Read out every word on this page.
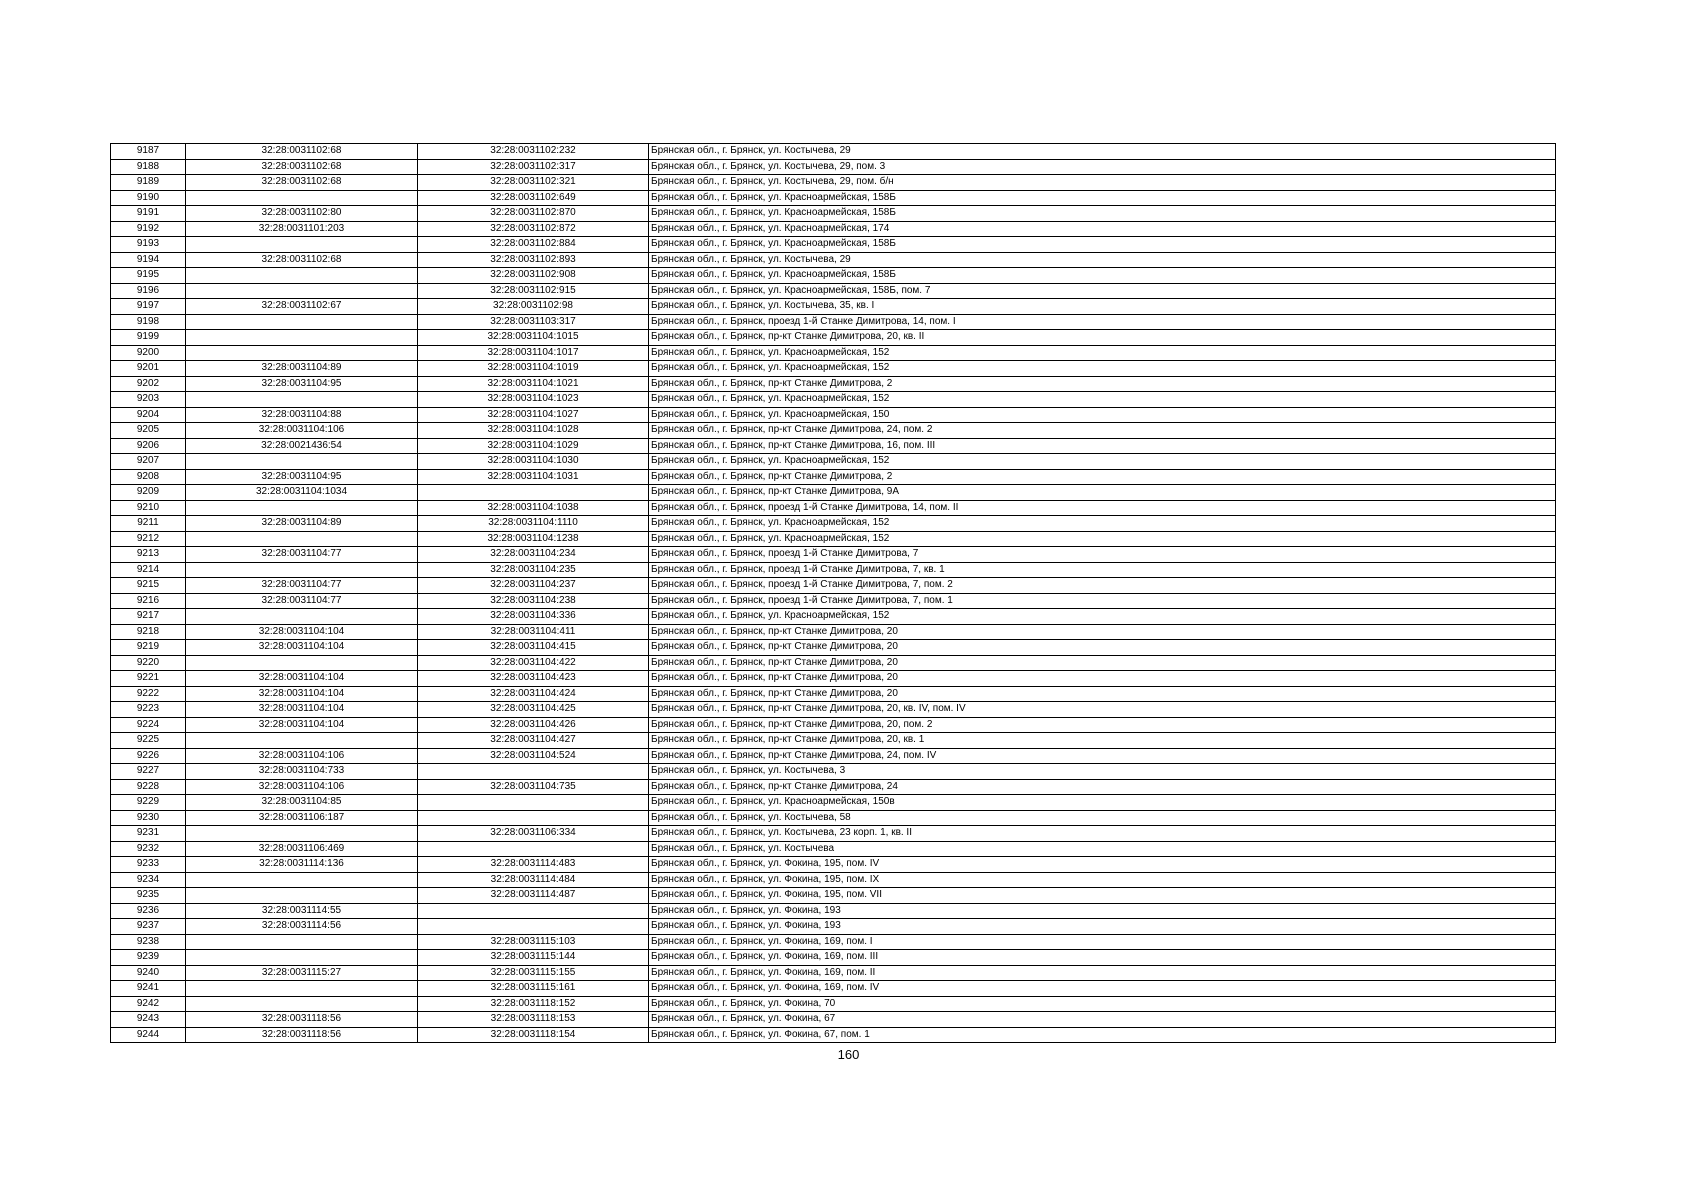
9187	32:28:0031102:68	32:28:0031102:232	Брянская обл., г. Брянск, ул. Костычева, 29
9188	32:28:0031102:68	32:28:0031102:317	Брянская обл., г. Брянск, ул. Костычева, 29, пом. 3
9189	32:28:0031102:68	32:28:0031102:321	Брянская обл., г. Брянск, ул. Костычева, 29, пом. б/н
9190		32:28:0031102:649	Брянская обл., г. Брянск, ул. Красноармейская, 158Б
9191	32:28:0031102:80	32:28:0031102:870	Брянская обл., г. Брянск, ул. Красноармейская, 158Б
9192	32:28:0031101:203	32:28:0031102:872	Брянская обл., г. Брянск, ул. Красноармейская, 174
9193		32:28:0031102:884	Брянская обл., г. Брянск, ул. Красноармейская, 158Б
9194	32:28:0031102:68	32:28:0031102:893	Брянская обл., г. Брянск, ул. Костычева, 29
9195		32:28:0031102:908	Брянская обл., г. Брянск, ул. Красноармейская, 158Б
9196		32:28:0031102:915	Брянская обл., г. Брянск, ул. Красноармейская, 158Б, пом. 7
9197	32:28:0031102:67	32:28:0031102:98	Брянская обл., г. Брянск, ул. Костычева, 35, кв. I
9198		32:28:0031103:317	Брянская обл., г. Брянск, проезд 1-й Станке Димитрова, 14, пом. I
9199		32:28:0031104:1015	Брянская обл., г. Брянск, пр-кт Станке Димитрова, 20, кв. II
9200		32:28:0031104:1017	Брянская обл., г. Брянск, ул. Красноармейская, 152
9201	32:28:0031104:89	32:28:0031104:1019	Брянская обл., г. Брянск, ул. Красноармейская, 152
9202	32:28:0031104:95	32:28:0031104:1021	Брянская обл., г. Брянск, пр-кт Станке Димитрова, 2
9203		32:28:0031104:1023	Брянская обл., г. Брянск, ул. Красноармейская, 152
9204	32:28:0031104:88	32:28:0031104:1027	Брянская обл., г. Брянск, ул. Красноармейская, 150
9205	32:28:0031104:106	32:28:0031104:1028	Брянская обл., г. Брянск, пр-кт Станке Димитрова, 24, пом. 2
9206	32:28:0021436:54	32:28:0031104:1029	Брянская обл., г. Брянск, пр-кт Станке Димитрова, 16, пом. III
9207		32:28:0031104:1030	Брянская обл., г. Брянск, ул. Красноармейская, 152
9208	32:28:0031104:95	32:28:0031104:1031	Брянская обл., г. Брянск, пр-кт Станке Димитрова, 2
9209	32:28:0031104:1034		Брянская обл., г. Брянск, пр-кт Станке Димитрова, 9А
9210		32:28:0031104:1038	Брянская обл., г. Брянск, проезд 1-й Станке Димитрова, 14, пом. II
9211	32:28:0031104:89	32:28:0031104:1110	Брянская обл., г. Брянск, ул. Красноармейская, 152
9212		32:28:0031104:1238	Брянская обл., г. Брянск, ул. Красноармейская, 152
9213	32:28:0031104:77	32:28:0031104:234	Брянская обл., г. Брянск, проезд 1-й Станке Димитрова, 7
9214		32:28:0031104:235	Брянская обл., г. Брянск, проезд 1-й Станке Димитрова, 7, кв. 1
9215	32:28:0031104:77	32:28:0031104:237	Брянская обл., г. Брянск, проезд 1-й Станке Димитрова, 7, пом. 2
9216	32:28:0031104:77	32:28:0031104:238	Брянская обл., г. Брянск, проезд 1-й Станке Димитрова, 7, пом. 1
9217		32:28:0031104:336	Брянская обл., г. Брянск, ул. Красноармейская, 152
9218	32:28:0031104:104	32:28:0031104:411	Брянская обл., г. Брянск, пр-кт Станке Димитрова, 20
9219	32:28:0031104:104	32:28:0031104:415	Брянская обл., г. Брянск, пр-кт Станке Димитрова, 20
9220		32:28:0031104:422	Брянская обл., г. Брянск, пр-кт Станке Димитрова, 20
9221	32:28:0031104:104	32:28:0031104:423	Брянская обл., г. Брянск, пр-кт Станке Димитрова, 20
9222	32:28:0031104:104	32:28:0031104:424	Брянская обл., г. Брянск, пр-кт Станке Димитрова, 20
9223	32:28:0031104:104	32:28:0031104:425	Брянская обл., г. Брянск, пр-кт Станке Димитрова, 20, кв. IV, пом. IV
9224	32:28:0031104:104	32:28:0031104:426	Брянская обл., г. Брянск, пр-кт Станке Димитрова, 20, пом. 2
9225		32:28:0031104:427	Брянская обл., г. Брянск, пр-кт Станке Димитрова, 20, кв. 1
9226	32:28:0031104:106	32:28:0031104:524	Брянская обл., г. Брянск, пр-кт Станке Димитрова, 24, пом. IV
9227	32:28:0031104:733		Брянская обл., г. Брянск, ул. Костычева, 3
9228	32:28:0031104:106	32:28:0031104:735	Брянская обл., г. Брянск, пр-кт Станке Димитрова, 24
9229	32:28:0031104:85		Брянская обл., г. Брянск, ул. Красноармейская, 150в
9230	32:28:0031106:187		Брянская обл., г. Брянск, ул. Костычева, 58
9231		32:28:0031106:334	Брянская обл., г. Брянск, ул. Костычева, 23 корп. 1, кв. II
9232	32:28:0031106:469		Брянская обл., г. Брянск, ул. Костычева
9233	32:28:0031114:136	32:28:0031114:483	Брянская обл., г. Брянск, ул. Фокина, 195, пом. IV
9234		32:28:0031114:484	Брянская обл., г. Брянск, ул. Фокина, 195, пом. IX
9235		32:28:0031114:487	Брянская обл., г. Брянск, ул. Фокина, 195, пом. VII
9236	32:28:0031114:55		Брянская обл., г. Брянск, ул. Фокина, 193
9237	32:28:0031114:56		Брянская обл., г. Брянск, ул. Фокина, 193
9238		32:28:0031115:103	Брянская обл., г. Брянск, ул. Фокина, 169, пом. I
9239		32:28:0031115:144	Брянская обл., г. Брянск, ул. Фокина, 169, пом. III
9240	32:28:0031115:27	32:28:0031115:155	Брянская обл., г. Брянск, ул. Фокина, 169, пом. II
9241		32:28:0031115:161	Брянская обл., г. Брянск, ул. Фокина, 169, пом. IV
9242		32:28:0031118:152	Брянская обл., г. Брянск, ул. Фокина, 70
9243	32:28:0031118:56	32:28:0031118:153	Брянская обл., г. Брянск, ул. Фокина, 67
9244	32:28:0031118:56	32:28:0031118:154	Брянская обл., г. Брянск, ул. Фокина, 67, пом. 1
160
